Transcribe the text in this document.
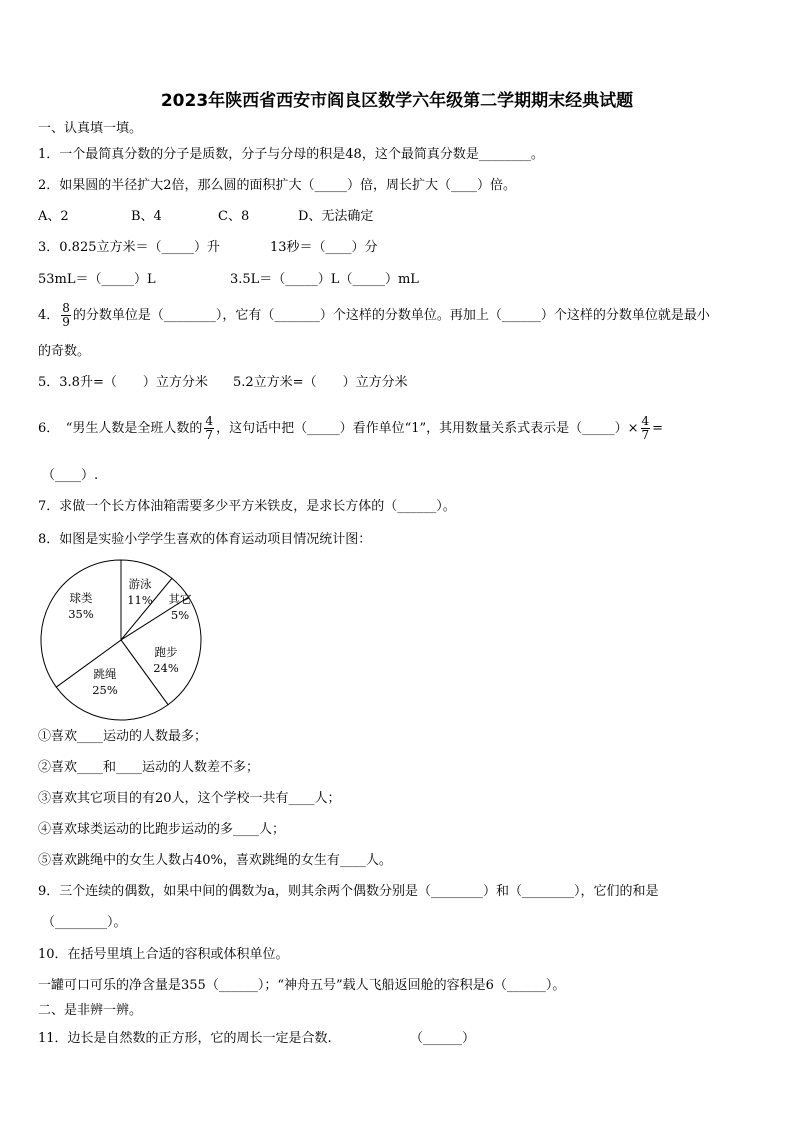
2023年陕西省西安市阎良区数学六年级第二学期期末经典试题
一、认真填一填。
1．一个最简真分数的分子是质数，分子与分母的积是48，这个最简真分数是________。
2．如果圆的半径扩大2倍，那么圆的面积扩大（_____）倍，周长扩大（____）倍。
A、2	B、4	C、8	D、无法确定
3．0.825立方米＝（_____）升	13秒＝（____）分
53mL＝（_____）L	3.5L＝（_____）L（_____）mL
4． $\frac{8}{9}$ 的分数单位是（________），它有（_______）个这样的分数单位。再加上（______）个这样的分数单位就是最小
的奇数。
5．3.8升=（　　）立方分米 5.2立方米=（　　）立方分米
6．　“男生人数是全班人数的 $\frac{4}{7}$ ，这句话中把（_____）看作单位“1”，其用数量关系式表示是（_____）× $\frac{4}{7}$ =
（____）.
7．求做一个长方体油箱需要多少平方米铁皮，是求长方体的（______）。
8．如图是实验小学学生喜欢的体育运动项目情况统计图：
游泳
11% 其它
5%
跑步
24%
跳绳
25%
球类
35%
①喜欢____运动的人数最多；
②喜欢____和____运动的人数差不多；
③喜欢其它项目的有20人，这个学校一共有____人；
④喜欢球类运动的比跑步运动的多____人；
⑤喜欢跳绳中的女生人数占40%，喜欢跳绳的女生有____人。
9．三个连续的偶数，如果中间的偶数为a，则其余两个偶数分别是（________）和（________），它们的和是
（________）。
10．在括号里填上合适的容积或体积单位。
一罐可口可乐的净含量是355（______）；“神舟五号”载人飞船返回舱的容积是6（______）。
二、是非辨一辨。
11．边长是自然数的正方形，它的周长一定是合数.	（______）
